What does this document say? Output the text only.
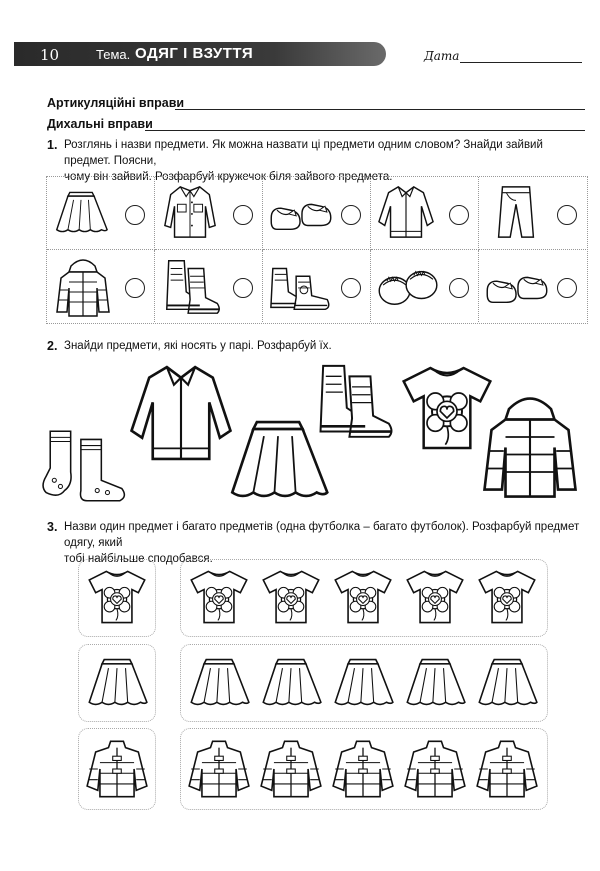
10	Тема. ОДЯГ І ВЗУТТЯ	Дата
Артикуляційні вправи
Дихальні вправи
1. Розглянь і назви предмети. Як можна назвати ці предмети одним словом? Знайди зайвий предмет. Поясни,
чому він зайвий. Розфарбуй кружечок біля зайвого предмета.
2. Знайди предмети, які носять у парі. Розфарбуй їх.
3. Назви один предмет і багато предметів (одна футболка – багато футболок). Розфарбуй предмет одягу, який
тобі найбільше сподобався.
